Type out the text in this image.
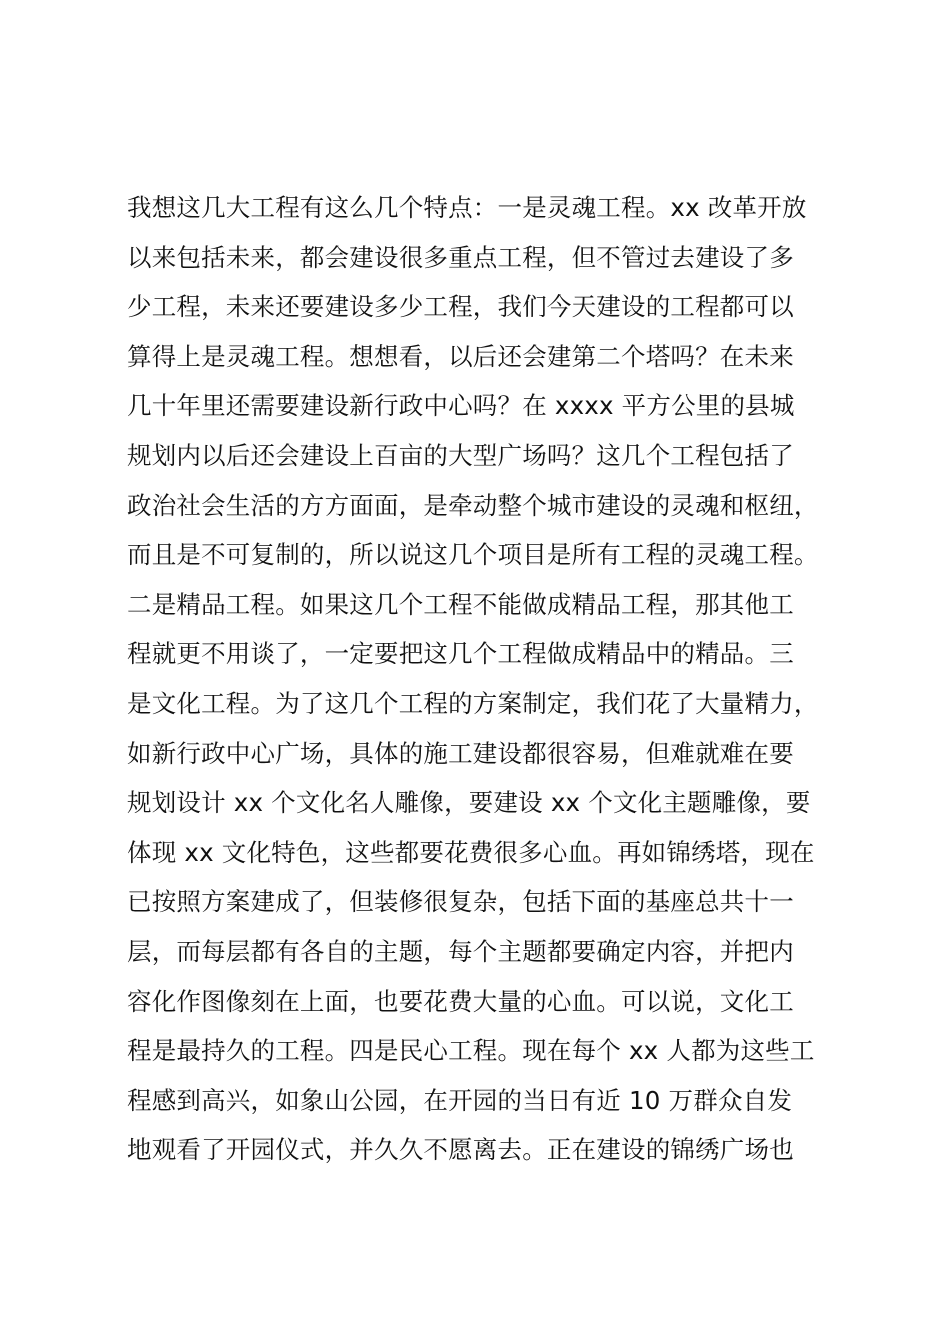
我想这几大工程有这么几个特点：一是灵魂工程。xx 改革开放
以来包括未来，都会建设很多重点工程，但不管过去建设了多
少工程，未来还要建设多少工程，我们今天建设的工程都可以
算得上是灵魂工程。想想看，以后还会建第二个塔吗？在未来
几十年里还需要建设新行政中心吗？在 xxxx 平方公里的县城
规划内以后还会建设上百亩的大型广场吗？这几个工程包括了
政治社会生活的方方面面，是牵动整个城市建设的灵魂和枢纽，
而且是不可复制的，所以说这几个项目是所有工程的灵魂工程。
二是精品工程。如果这几个工程不能做成精品工程，那其他工
程就更不用谈了，一定要把这几个工程做成精品中的精品。三
是文化工程。为了这几个工程的方案制定，我们花了大量精力，
如新行政中心广场，具体的施工建设都很容易，但难就难在要
规划设计 xx 个文化名人雕像，要建设 xx 个文化主题雕像，要
体现 xx 文化特色，这些都要花费很多心血。再如锦绣塔，现在
已按照方案建成了，但装修很复杂，包括下面的基座总共十一
层，而每层都有各自的主题，每个主题都要确定内容，并把内
容化作图像刻在上面，也要花费大量的心血。可以说，文化工
程是最持久的工程。四是民心工程。现在每个 xx 人都为这些工
程感到高兴，如象山公园，在开园的当日有近 10 万群众自发
地观看了开园仪式，并久久不愿离去。正在建设的锦绣广场也
